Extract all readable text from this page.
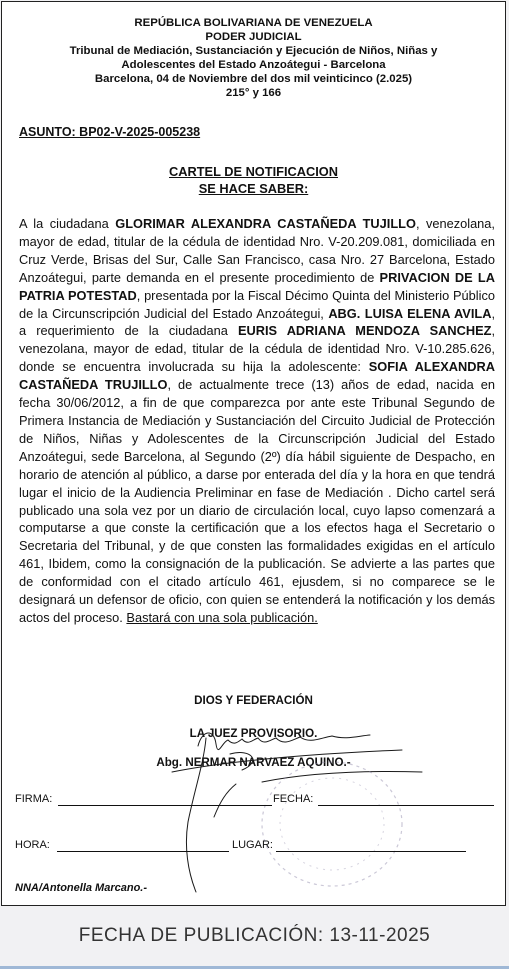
REPÚBLICA BOLIVARIANA DE VENEZUELA
PODER JUDICIAL
Tribunal de Mediación, Sustanciación y Ejecución de Niños, Niñas y
Adolescentes del Estado Anzoátegui - Barcelona
Barcelona, 04 de Noviembre del dos mil veinticinco (2.025)
215° y 166
ASUNTO: BP02-V-2025-005238
CARTEL DE NOTIFICACION
SE HACE SABER:
A la ciudadana GLORIMAR ALEXANDRA CASTAÑEDA TUJILLO, venezolana, mayor de edad, titular de la cédula de identidad Nro. V-20.209.081, domiciliada en Cruz Verde, Brisas del Sur, Calle San Francisco, casa Nro. 27 Barcelona, Estado Anzoátegui, parte demanda en el presente procedimiento de PRIVACION DE LA PATRIA POTESTAD, presentada por la Fiscal Décimo Quinta del Ministerio Público de la Circunscripción Judicial del Estado Anzoátegui, ABG. LUISA ELENA AVILA, a requerimiento de la ciudadana EURIS ADRIANA MENDOZA SANCHEZ, venezolana, mayor de edad, titular de la cédula de identidad Nro. V-10.285.626, donde se encuentra involucrada su hija la adolescente: SOFIA ALEXANDRA CASTAÑEDA TRUJILLO, de actualmente trece (13) años de edad, nacida en fecha 30/06/2012, a fin de que comparezca por ante este Tribunal Segundo de Primera Instancia de Mediación y Sustanciación del Circuito Judicial de Protección de Niños, Niñas y Adolescentes de la Circunscripción Judicial del Estado Anzoátegui, sede Barcelona, al Segundo (2º) día hábil siguiente de Despacho, en horario de atención al público, a darse por enterada del día y la hora en que tendrá lugar el inicio de la Audiencia Preliminar en fase de Mediación . Dicho cartel será publicado una sola vez por un diario de circulación local, cuyo lapso comenzará a computarse a que conste la certificación que a los efectos haga el Secretario o Secretaria del Tribunal, y de que consten las formalidades exigidas en el artículo 461, Ibidem, como la consignación de la publicación. Se advierte a las partes que de conformidad con el citado artículo 461, ejusdem, si no comparece se le designará un defensor de oficio, con quien se entenderá la notificación y los demás actos del proceso. Bastará con una sola publicación.
DIOS Y FEDERACIÓN
LA JUEZ PROVISORIO.
Abg. NERMAR NARVAEZ AQUINO.-
FIRMA:	FECHA:
HORA:	LUGAR:
NNA/Antonella Marcano.-
FECHA DE PUBLICACIÓN: 13-11-2025
